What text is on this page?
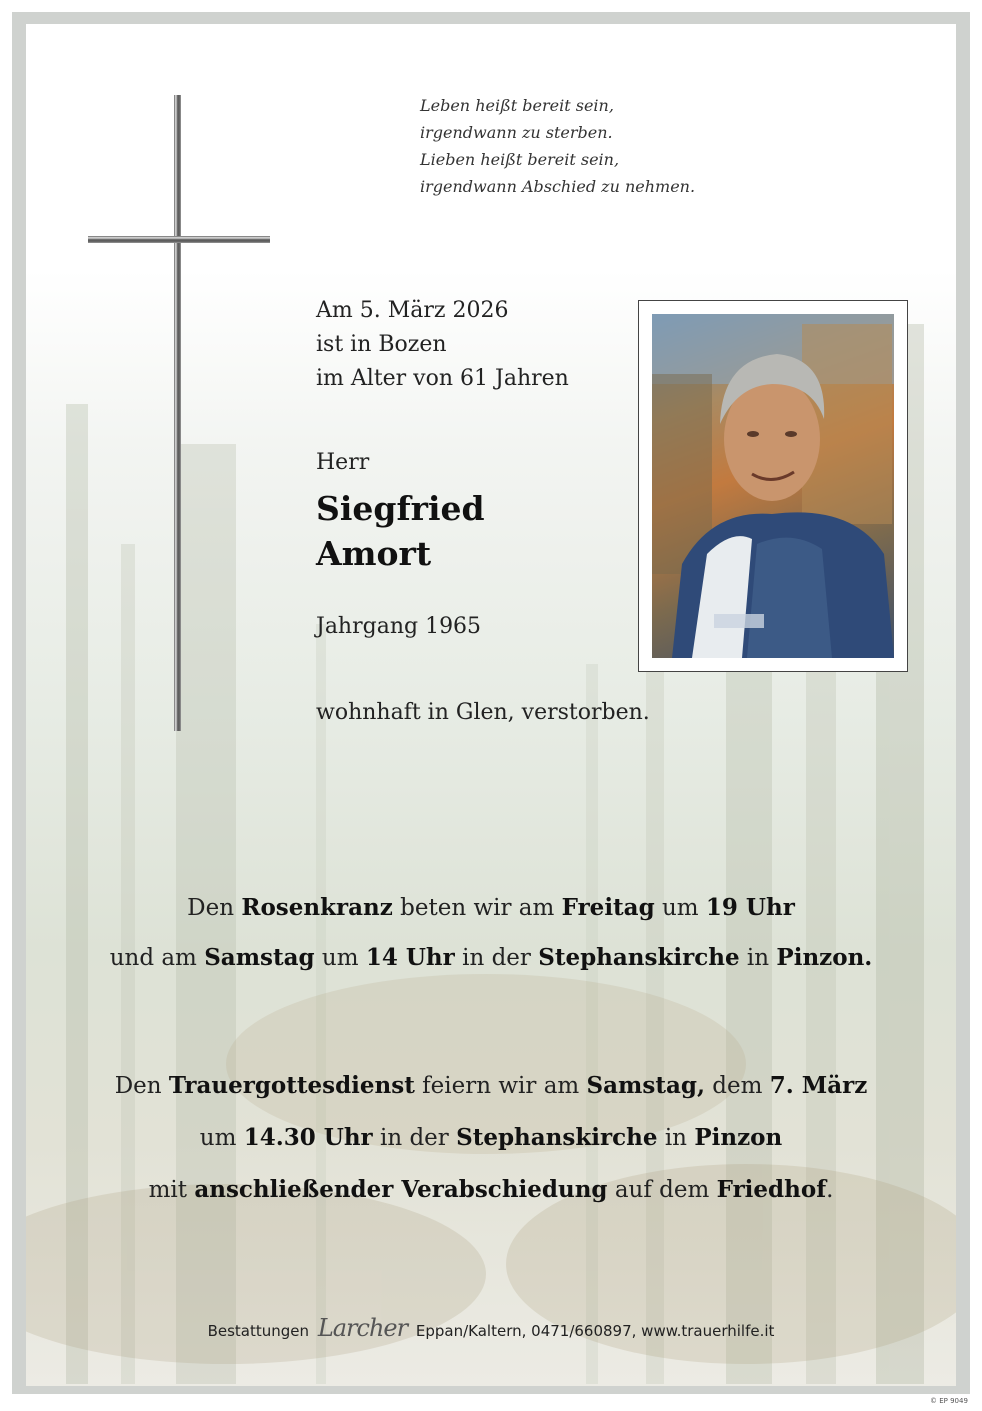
Leben heißt bereit sein,
irgendwann zu sterben.
Lieben heißt bereit sein,
irgendwann Abschied zu nehmen.
Am 5. März 2026
ist in Bozen
im Alter von 61 Jahren
Herr
Siegfried
Amort
Jahrgang 1965
wohnhaft in Glen, verstorben.
Den Rosenkranz beten wir am Freitag um 19 Uhr
und am Samstag um 14 Uhr in der Stephanskirche in Pinzon.
Den Trauergottesdienst feiern wir am Samstag, dem 7. März
um 14.30 Uhr in der Stephanskirche in Pinzon
mit anschließender Verabschiedung auf dem Friedhof.
Bestattungen Larcher Eppan/Kaltern, 0471/660897, www.trauerhilfe.it
© EP 9049
